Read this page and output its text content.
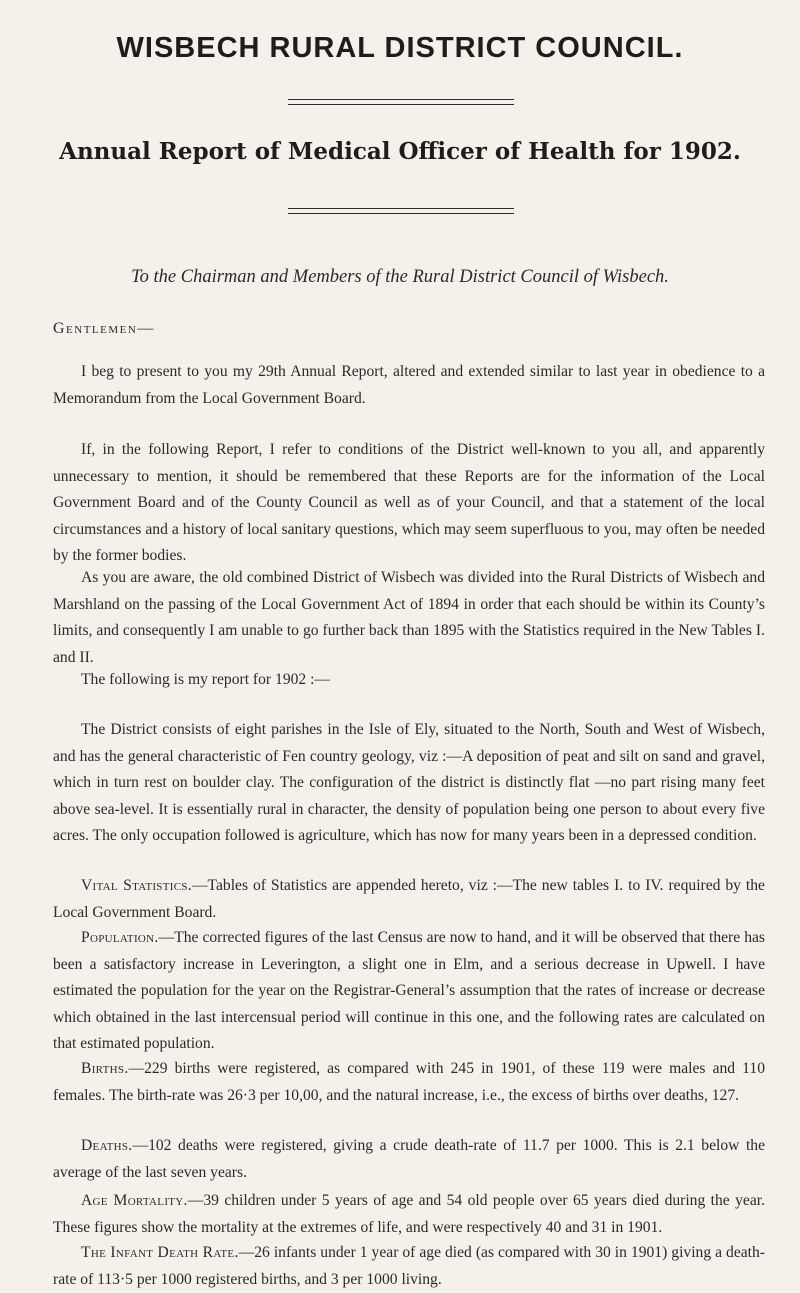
WISBECH RURAL DISTRICT COUNCIL.
Annual Report of Medical Officer of Health for 1902.
To the Chairman and Members of the Rural District Council of Wisbech.
Gentlemen—
I beg to present to you my 29th Annual Report, altered and extended similar to last year in obedience to a Memorandum from the Local Government Board.
If, in the following Report, I refer to conditions of the District well-known to you all, and apparently unnecessary to mention, it should be remembered that these Reports are for the information of the Local Government Board and of the County Council as well as of your Council, and that a statement of the local circumstances and a history of local sanitary questions, which may seem superfluous to you, may often be needed by the former bodies.
As you are aware, the old combined District of Wisbech was divided into the Rural Districts of Wisbech and Marshland on the passing of the Local Government Act of 1894 in order that each should be within its County’s limits, and consequently I am unable to go further back than 1895 with the Statistics required in the New Tables I. and II.
The following is my report for 1902 :—
The District consists of eight parishes in the Isle of Ely, situated to the North, South and West of Wisbech, and has the general characteristic of Fen country geology, viz :—A deposition of peat and silt on sand and gravel, which in turn rest on boulder clay. The configuration of the district is distinctly flat —no part rising many feet above sea-level. It is essentially rural in character, the density of population being one person to about every five acres. The only occupation followed is agriculture, which has now for many years been in a depressed condition.
Vital Statistics.—Tables of Statistics are appended hereto, viz :—The new tables I. to IV. required by the Local Government Board.
Population.—The corrected figures of the last Census are now to hand, and it will be observed that there has been a satisfactory increase in Leverington, a slight one in Elm, and a serious decrease in Upwell. I have estimated the population for the year on the Registrar-General’s assumption that the rates of increase or decrease which obtained in the last intercensual period will continue in this one, and the following rates are calculated on that estimated population.
Births.—229 births were registered, as compared with 245 in 1901, of these 119 were males and 110 females. The birth-rate was 26·3 per 10,00, and the natural increase, i.e., the excess of births over deaths, 127.
Deaths.—102 deaths were registered, giving a crude death-rate of 11.7 per 1000. This is 2.1 below the average of the last seven years.
Age Mortality.—39 children under 5 years of age and 54 old people over 65 years died during the year. These figures show the mortality at the extremes of life, and were respectively 40 and 31 in 1901.
The Infant Death Rate.—26 infants under 1 year of age died (as compared with 30 in 1901) giving a death-rate of 113·5 per 1000 registered births, and 3 per 1000 living.
